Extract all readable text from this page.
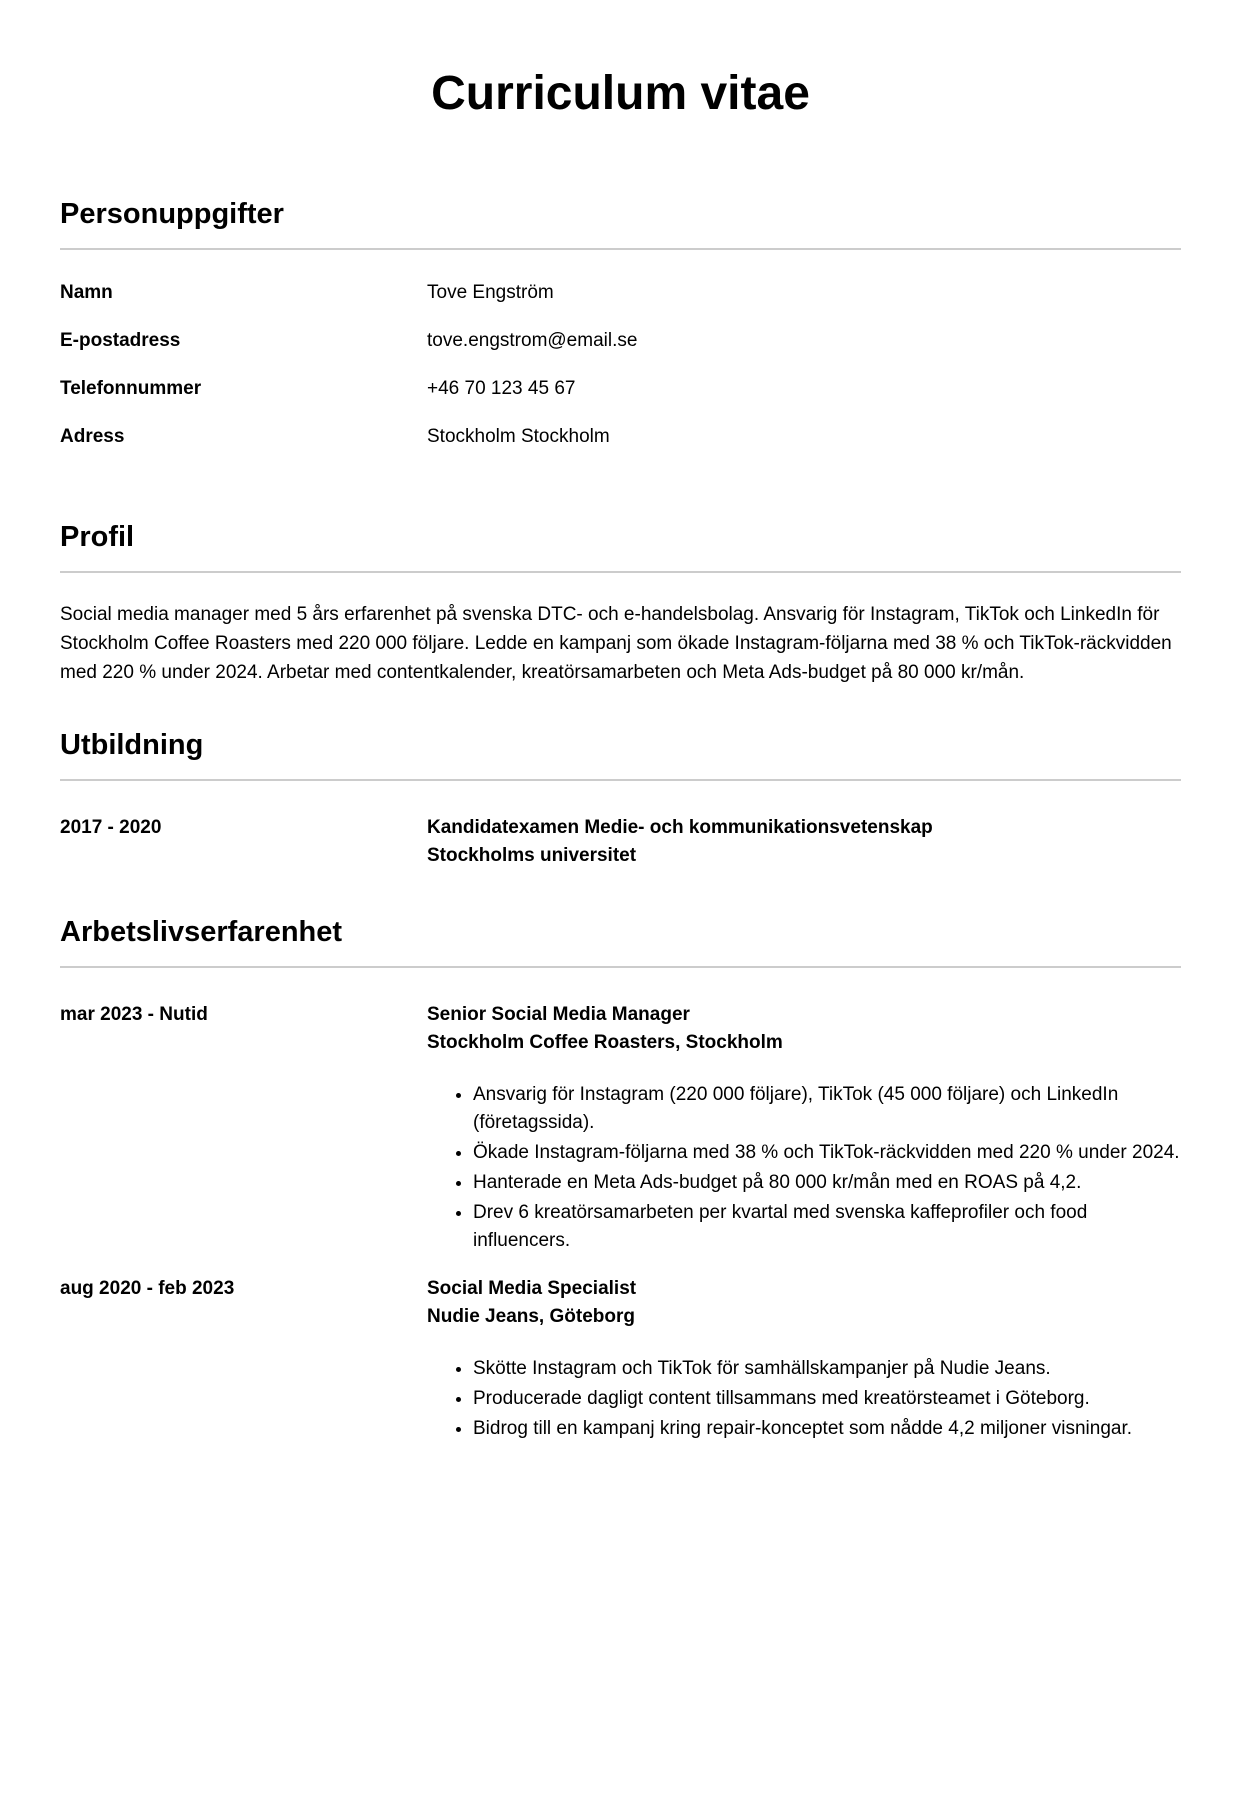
Curriculum vitae
Personuppgifter
Namn	Tove Engström
E-postadress	tove.engstrom@email.se
Telefonnummer	+46 70 123 45 67
Adress	Stockholm Stockholm
Profil

Social media manager med 5 års erfarenhet på svenska DTC- och e-handelsbolag. Ansvarig för Instagram, TikTok och LinkedIn för Stockholm Coffee Roasters med 220 000 följare. Ledde en kampanj som ökade Instagram-följarna med 38 % och TikTok-räckvidden med 220 % under 2024. Arbetar med contentkalender, kreatörsamarbeten och Meta Ads-budget på 80 000 kr/mån.

Utbildning
2017 - 2020	Kandidatexamen Medie- och kommunikationsvetenskap
Stockholms universitet
Arbetslivserfarenhet
mar 2023 - Nutid	Senior Social Media Manager
Stockholm Coffee Roasters, Stockholm
• Ansvarig för Instagram (220 000 följare), TikTok (45 000 följare) och LinkedIn (företagssida).
• Ökade Instagram-följarna med 38 % och TikTok-räckvidden med 220 % under 2024.
• Hanterade en Meta Ads-budget på 80 000 kr/mån med en ROAS på 4,2.
• Drev 6 kreatörsamarbeten per kvartal med svenska kaffeprofiler och food influencers.
aug 2020 - feb 2023	Social Media Specialist
Nudie Jeans, Göteborg
• Skötte Instagram och TikTok för samhällskampanjer på Nudie Jeans.
• Producerade dagligt content tillsammans med kreatörsteamet i Göteborg.
• Bidrog till en kampanj kring repair-konceptet som nådde 4,2 miljoner visningar.
